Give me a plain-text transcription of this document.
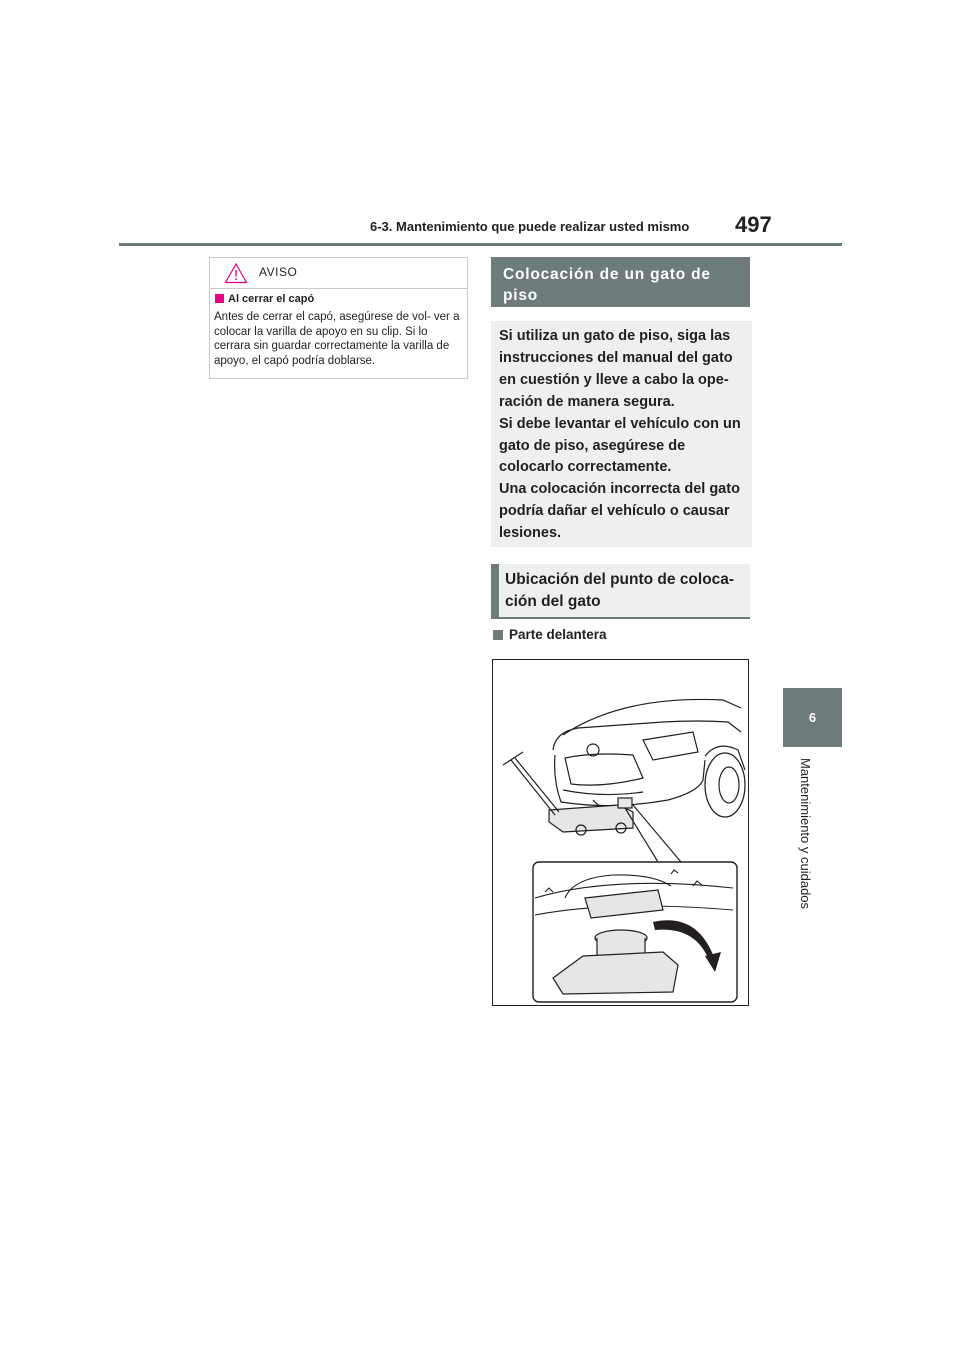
6-3. Mantenimiento que puede realizar usted mismo	497
6
Mantenimiento y cuidados
AVISO
Al cerrar el capó
Antes de cerrar el capó, asegúrese de vol- ver a colocar la varilla de apoyo en su clip. Si lo cerrara sin guardar correctamente la varilla de apoyo, el capó podría doblarse.
Colocación de un gato de piso
Si utiliza un gato de piso, siga las instrucciones del manual del gato en cuestión y lleve a cabo la ope- ración de manera segura.
Si debe levantar el vehículo con un gato de piso, asegúrese de colocarlo correctamente.
Una colocación incorrecta del gato podría dañar el vehículo o causar lesiones.
Ubicación del punto de coloca- ción del gato
Parte delantera
